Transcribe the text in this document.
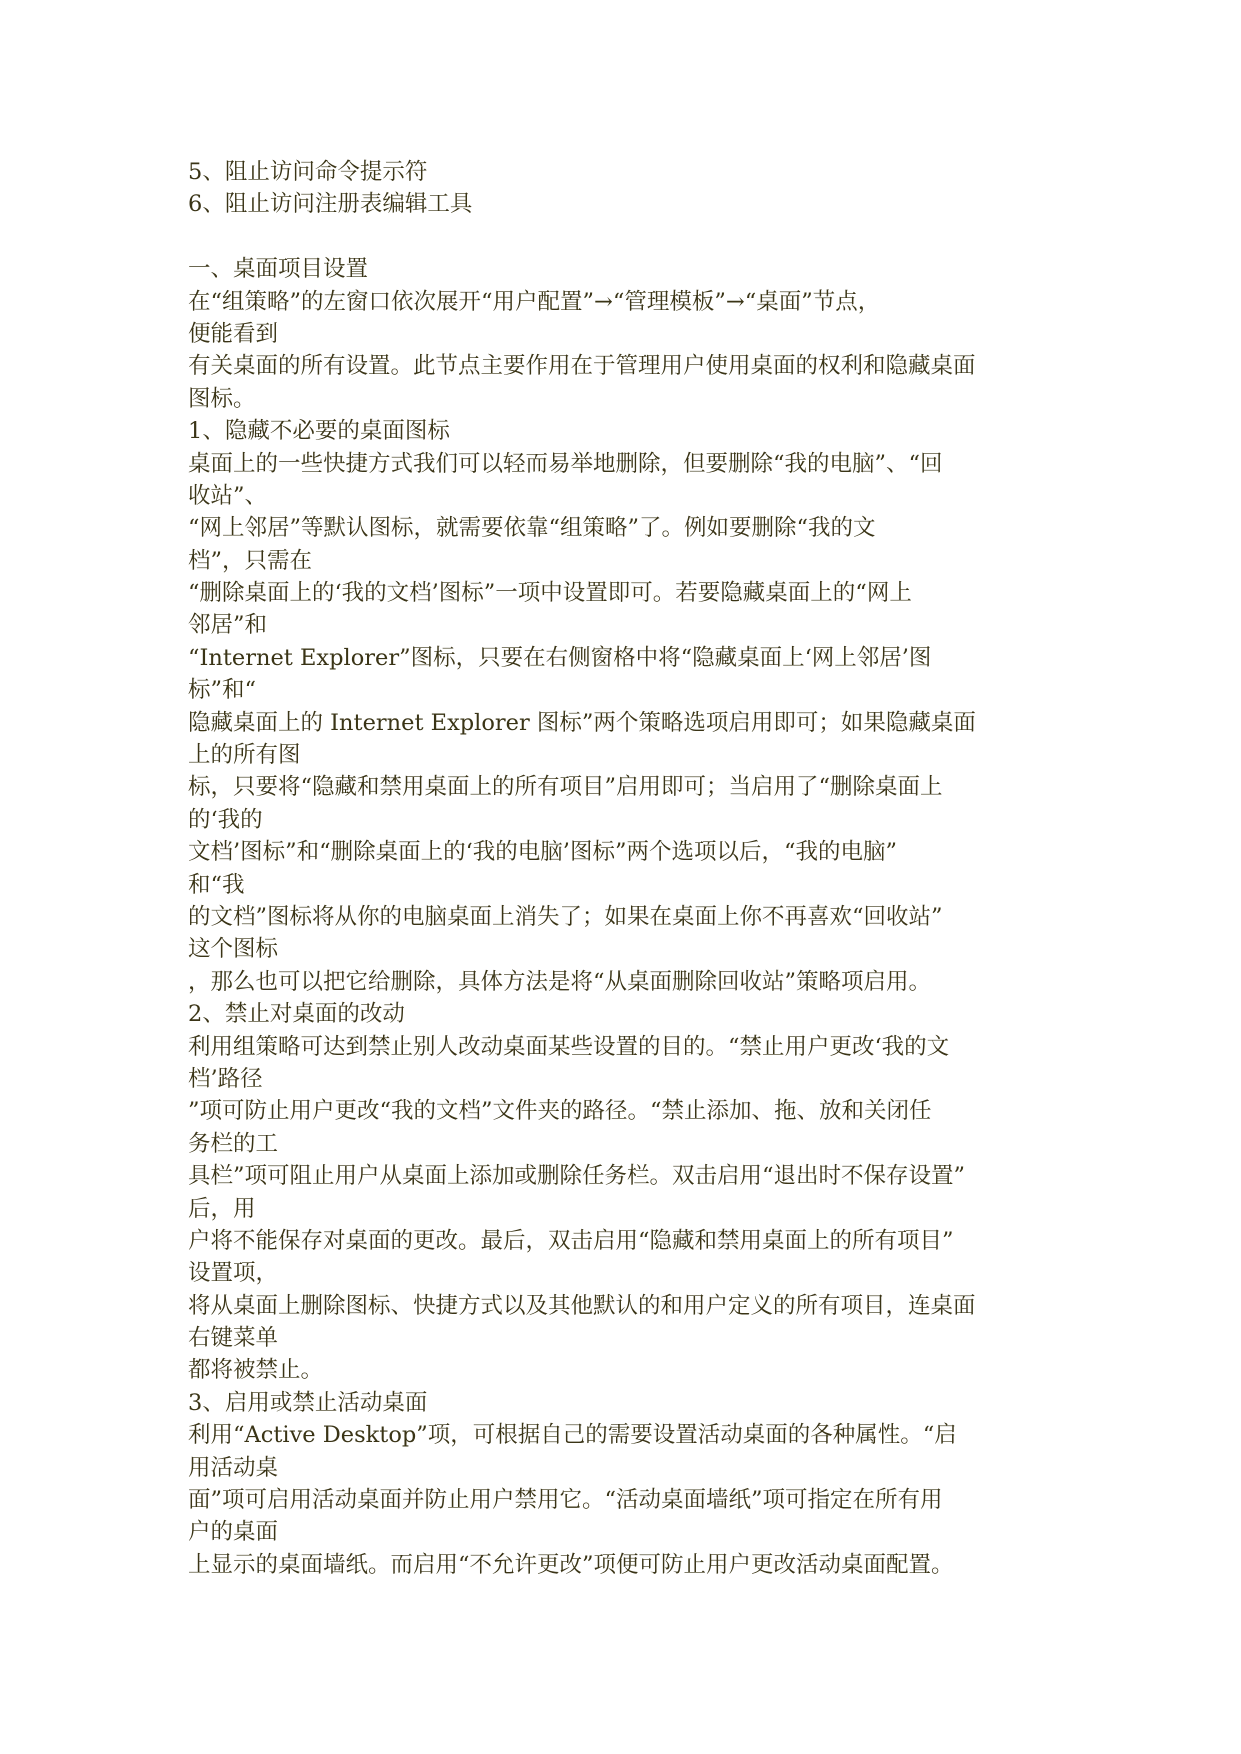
5、阻止访问命令提示符
6、阻止访问注册表编辑工具
一、桌面项目设置
在“组策略”的左窗口依次展开“用户配置”→“管理模板”→“桌面”节点，
便能看到
有关桌面的所有设置。此节点主要作用在于管理用户使用桌面的权利和隐藏桌面
图标。
1、隐藏不必要的桌面图标
桌面上的一些快捷方式我们可以轻而易举地删除，但要删除“我的电脑”、“回
收站”、
“网上邻居”等默认图标，就需要依靠“组策略”了。例如要删除“我的文
档”，只需在
“删除桌面上的‘我的文档’图标”一项中设置即可。若要隐藏桌面上的“网上
邻居”和
“Internet Explorer”图标，只要在右侧窗格中将“隐藏桌面上‘网上邻居’图
标”和“
隐藏桌面上的 Internet Explorer 图标”两个策略选项启用即可；如果隐藏桌面
上的所有图
标，只要将“隐藏和禁用桌面上的所有项目”启用即可；当启用了“删除桌面上
的‘我的
文档’图标”和“删除桌面上的‘我的电脑’图标”两个选项以后，“我的电脑”
和“我
的文档”图标将从你的电脑桌面上消失了；如果在桌面上你不再喜欢“回收站”
这个图标
，那么也可以把它给删除，具体方法是将“从桌面删除回收站”策略项启用。
2、禁止对桌面的改动
利用组策略可达到禁止别人改动桌面某些设置的目的。“禁止用户更改‘我的文
档’路径
”项可防止用户更改“我的文档”文件夹的路径。“禁止添加、拖、放和关闭任
务栏的工
具栏”项可阻止用户从桌面上添加或删除任务栏。双击启用“退出时不保存设置”
后，用
户将不能保存对桌面的更改。最后，双击启用“隐藏和禁用桌面上的所有项目”
设置项，
将从桌面上删除图标、快捷方式以及其他默认的和用户定义的所有项目，连桌面
右键菜单
都将被禁止。
3、启用或禁止活动桌面
利用“Active Desktop”项，可根据自己的需要设置活动桌面的各种属性。“启
用活动桌
面”项可启用活动桌面并防止用户禁用它。“活动桌面墙纸”项可指定在所有用
户的桌面
上显示的桌面墙纸。而启用“不允许更改”项便可防止用户更改活动桌面配置。
